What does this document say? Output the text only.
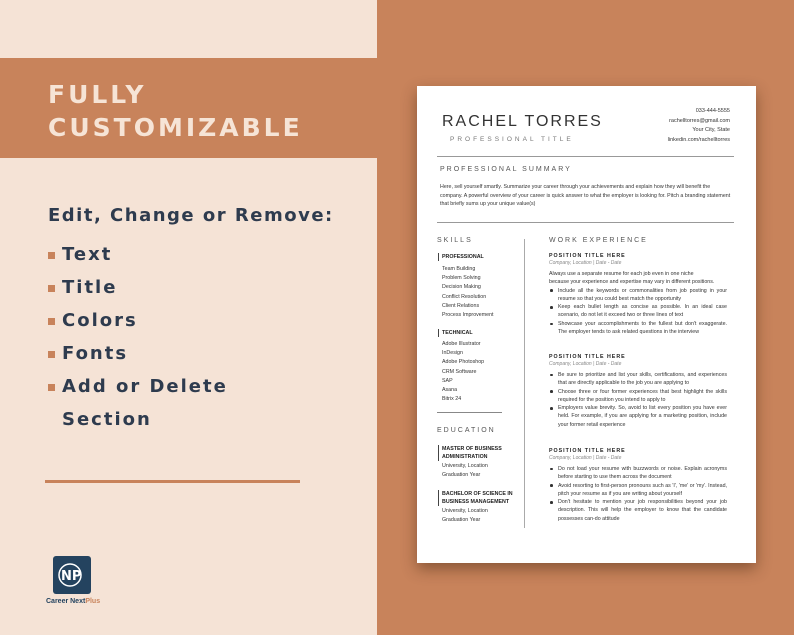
FULLY
CUSTOMIZABLE
Edit, Change or Remove:
Text
Title
Colors
Fonts
Add or Delete
Section
NP
Career NextPlus
RACHEL TORRES
PROFESSIONAL TITLE
033-444-5555
rachelltorres@gmail.com
Your City, State
linkedin.com/rachelltorres
PROFESSIONAL SUMMARY
Here, sell yourself smartly. Summarize your career through your achievements and explain how they will benefit the company. A powerful overview of your career is quick answer to what the employer is looking for. Pitch a branding statement that briefly sums up your unique value(s)
SKILLS
PROFESSIONAL
Team Building
Problem Solving
Decision Making
Conflict Resolution
Client Relations
Process Improvement
TECHNICAL
Adobe Illustrator
InDesign
Adobe Photoshop
CRM Software
SAP
Asana
Bitrix 24
EDUCATION
MASTER OF BUSINESS ADMINISTRATION
University, Location
Graduation Year
BACHELOR OF SCIENCE IN BUSINESS MANAGEMENT
University, Location
Graduation Year
WORK EXPERIENCE
POSITION TITLE HERE
Company, Location | Date - Date
Always use a separate resume for each job even in one niche
because your experience and expertise may vary in different positions.
Include all the keywords or commonalities from job posting in your resume so that you could best match the opportunity
Keep each bullet length as concise as possible. In an ideal case scenario, do not let it exceed two or three lines of text
Showcase your accomplishments to the fullest but don't exaggerate. The employer tends to ask related questions in the interview
POSITION TITLE HERE
Company, Location | Date - Date
Be sure to prioritize and list your skills, certifications, and experiences that are directly applicable to the job you are applying to
Choose three or four former experiences that best highlight the skills required for the position you intend to apply to
Employers value brevity. So, avoid to list every position you have ever held. For example, if you are applying for a marketing position, include your former retail experience
POSITION TITLE HERE
Company, Location | Date - Date
Do not load your resume with buzzwords or noise. Explain acronyms before starting to use them across the document
Avoid resorting to first-person pronouns such as 'I', 'me' or 'my'. Instead, pitch your resume as if you are writing about yourself
Don't hesitate to mention your job responsibilities beyond your job description. This will help the employer to know that the candidate possesses can-do attitude
